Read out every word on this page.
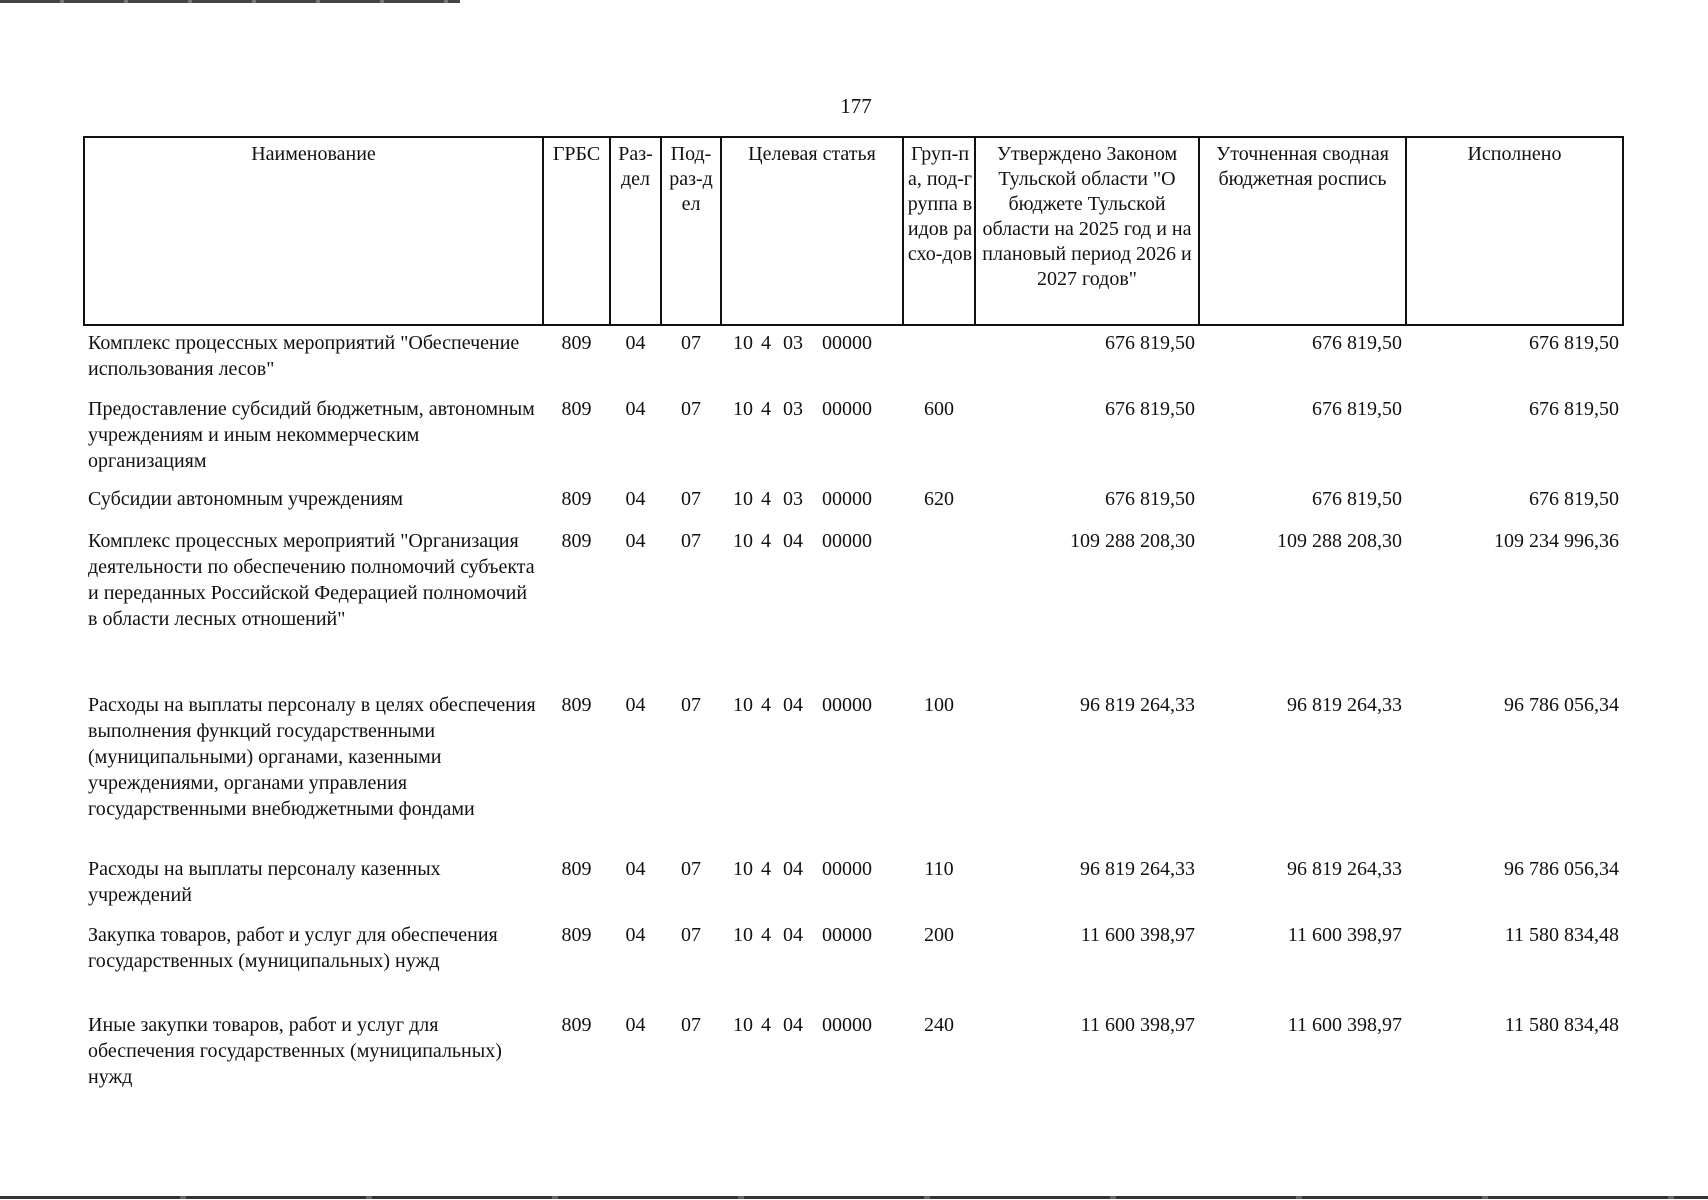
177
Наименование	ГРБС	Раз-дел	Под-раз-дел	Целевая статья	Груп-па, под-группа видов расхо-дов	Утверждено Законом Тульской области "О бюджете Тульской области на 2025 год и на плановый период 2026 и 2027 годов"	Уточненная сводная бюджетная роспись	Исполнено
Комплекс процессных мероприятий "Обеспечение использования лесов"	809	04	07	10 4 03 00000		676 819,50	676 819,50	676 819,50
Предоставление субсидий бюджетным, автономным учреждениям и иным некоммерческим организациям	809	04	07	10 4 03 00000	600	676 819,50	676 819,50	676 819,50
Субсидии автономным учреждениям	809	04	07	10 4 03 00000	620	676 819,50	676 819,50	676 819,50
Комплекс процессных мероприятий "Организация деятельности по обеспечению полномочий субъекта и переданных Российской Федерацией полномочий в области лесных отношений"	809	04	07	10 4 04 00000		109 288 208,30	109 288 208,30	109 234 996,36
Расходы на выплаты персоналу в целях обеспечения выполнения функций государственными (муниципальными) органами, казенными учреждениями, органами управления государственными внебюджетными фондами	809	04	07	10 4 04 00000	100	96 819 264,33	96 819 264,33	96 786 056,34
Расходы на выплаты персоналу казенных учреждений	809	04	07	10 4 04 00000	110	96 819 264,33	96 819 264,33	96 786 056,34
Закупка товаров, работ и услуг для обеспечения государственных (муниципальных) нужд	809	04	07	10 4 04 00000	200	11 600 398,97	11 600 398,97	11 580 834,48
Иные закупки товаров, работ и услуг для обеспечения государственных (муниципальных) нужд	809	04	07	10 4 04 00000	240	11 600 398,97	11 600 398,97	11 580 834,48
